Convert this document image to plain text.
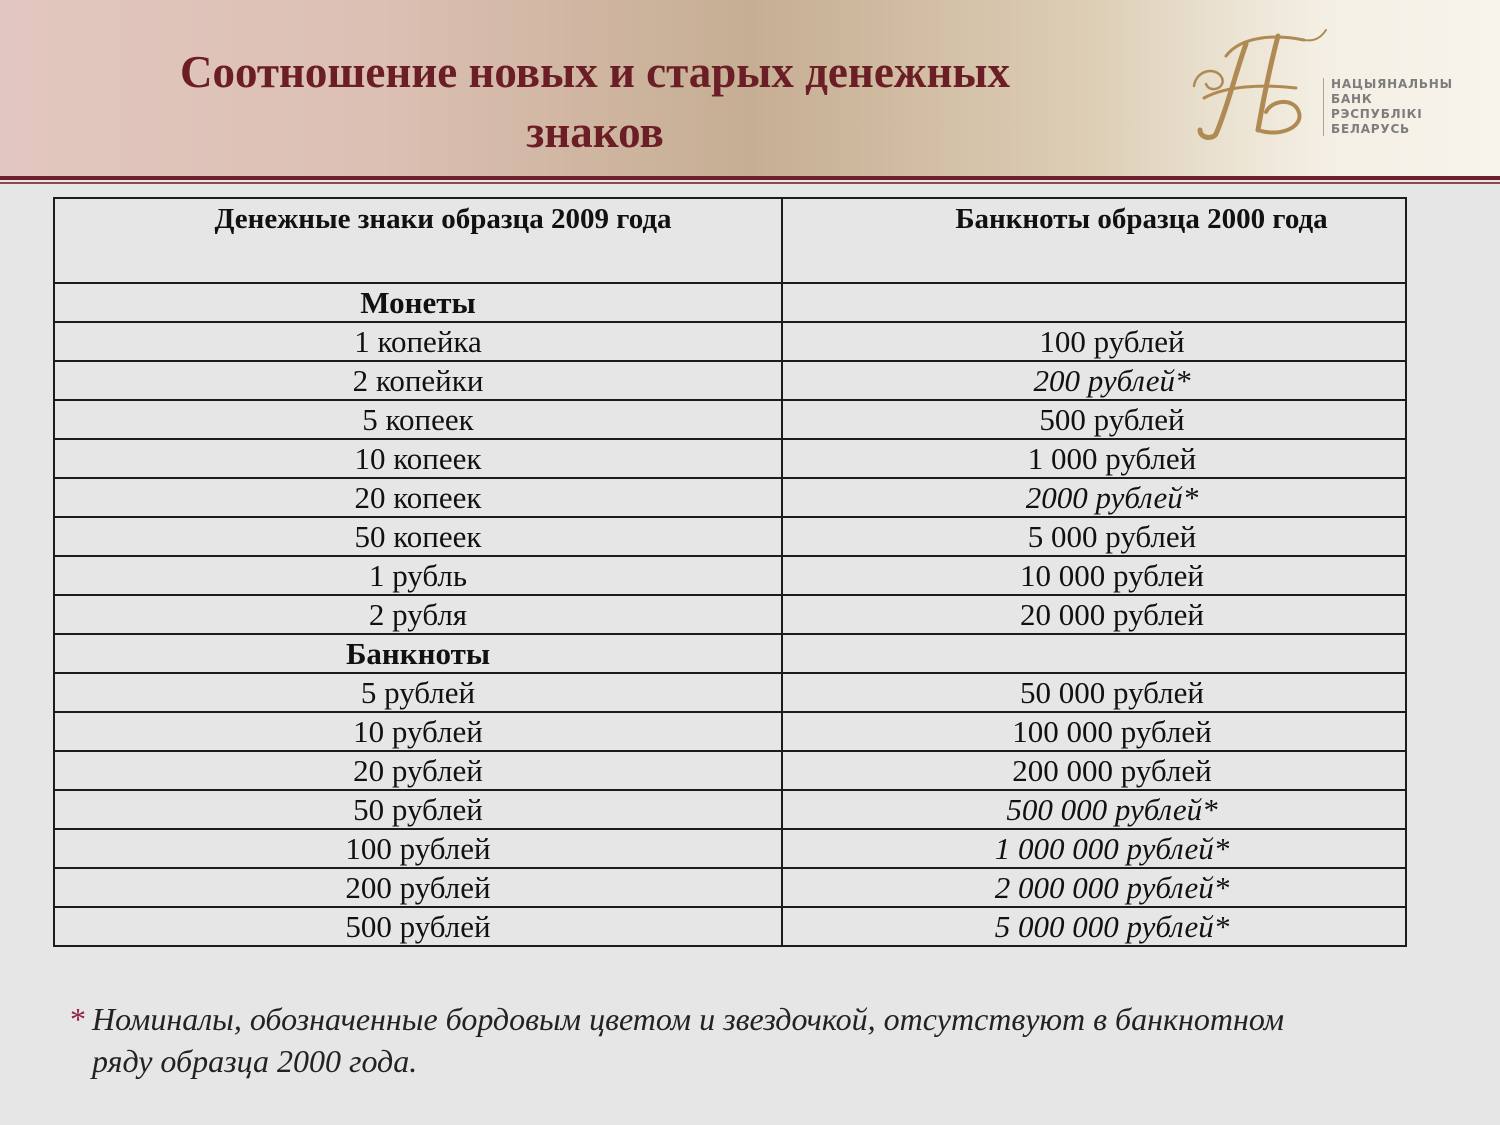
Соотношение новых и старых денежных
знаков
НАЦЫЯНАЛЬНЫ
БАНК
РЭСПУБЛІКІ
БЕЛАРУСЬ
Денежные знаки образца 2009 года	Банкноты образца 2000 года
Монеты	
1 копейка	100 рублей
2 копейки	200 рублей*
5 копеек	500 рублей
10 копеек	1 000 рублей
20 копеек	2000 рублей*
50 копеек	5 000 рублей
1 рубль	10 000 рублей
2 рубля	20 000 рублей
Банкноты	
5 рублей	50 000 рублей
10 рублей	100 000 рублей
20 рублей	200 000 рублей
50 рублей	500 000 рублей*
100 рублей	1 000 000 рублей*
200 рублей	2 000 000 рублей*
500 рублей	5 000 000 рублей*
* Номиналы, обозначенные бордовым цветом и звездочкой, отсутствуют в банкнотном
ряду образца 2000 года.
